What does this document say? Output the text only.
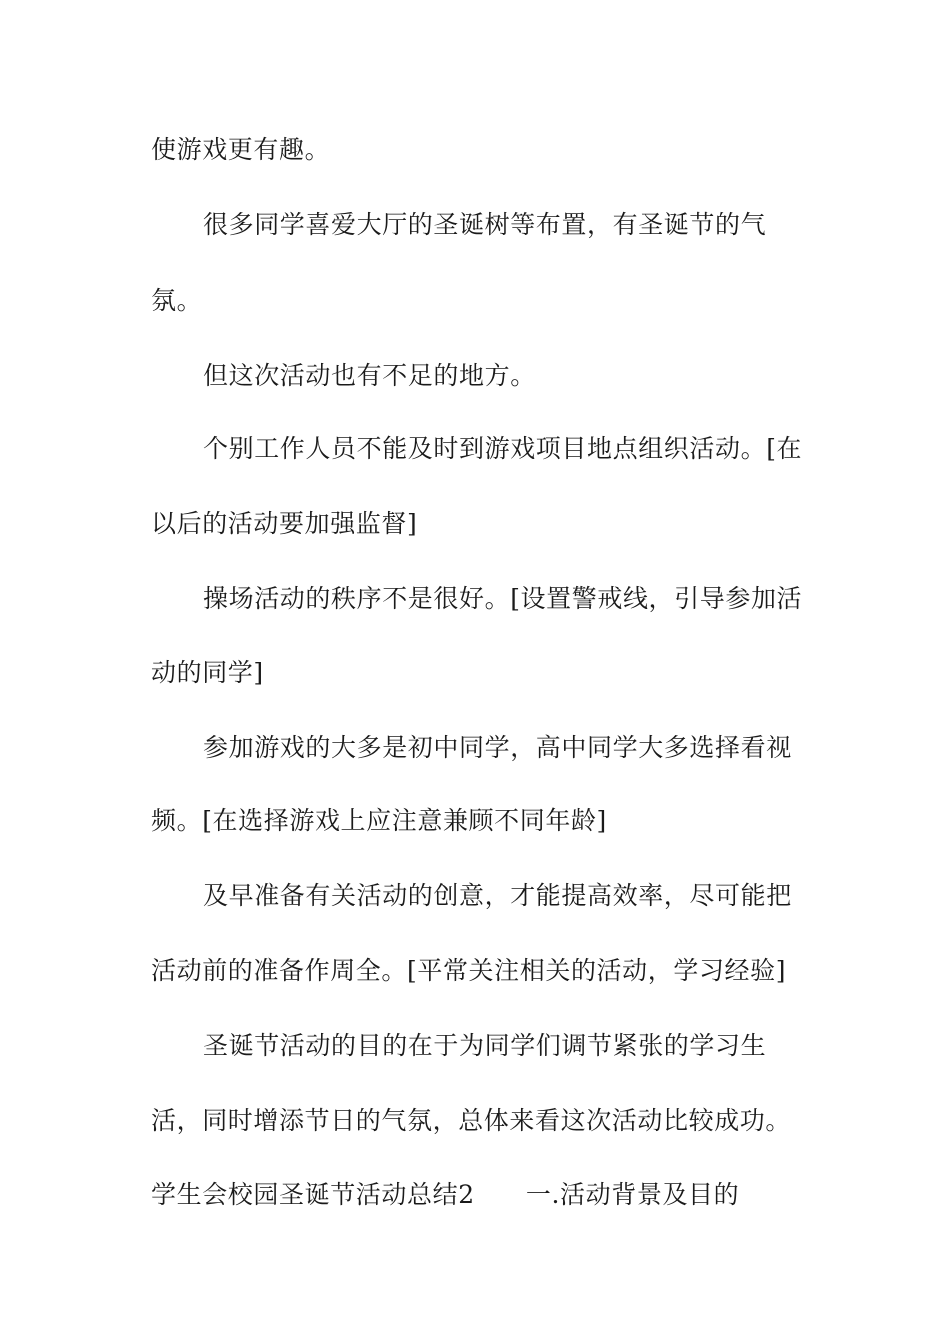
使游戏更有趣。
很多同学喜爱大厅的圣诞树等布置，有圣诞节的气
氛。
但这次活动也有不足的地方。
个别工作人员不能及时到游戏项目地点组织活动。[在
以后的活动要加强监督]
操场活动的秩序不是很好。[设置警戒线，引导参加活
动的同学]
参加游戏的大多是初中同学，高中同学大多选择看视
频。[在选择游戏上应注意兼顾不同年龄]
及早准备有关活动的创意，才能提高效率，尽可能把
活动前的准备作周全。[平常关注相关的活动，学习经验]
圣诞节活动的目的在于为同学们调节紧张的学习生
活，同时增添节日的气氛，总体来看这次活动比较成功。
学生会校园圣诞节活动总结2　　一.活动背景及目的
